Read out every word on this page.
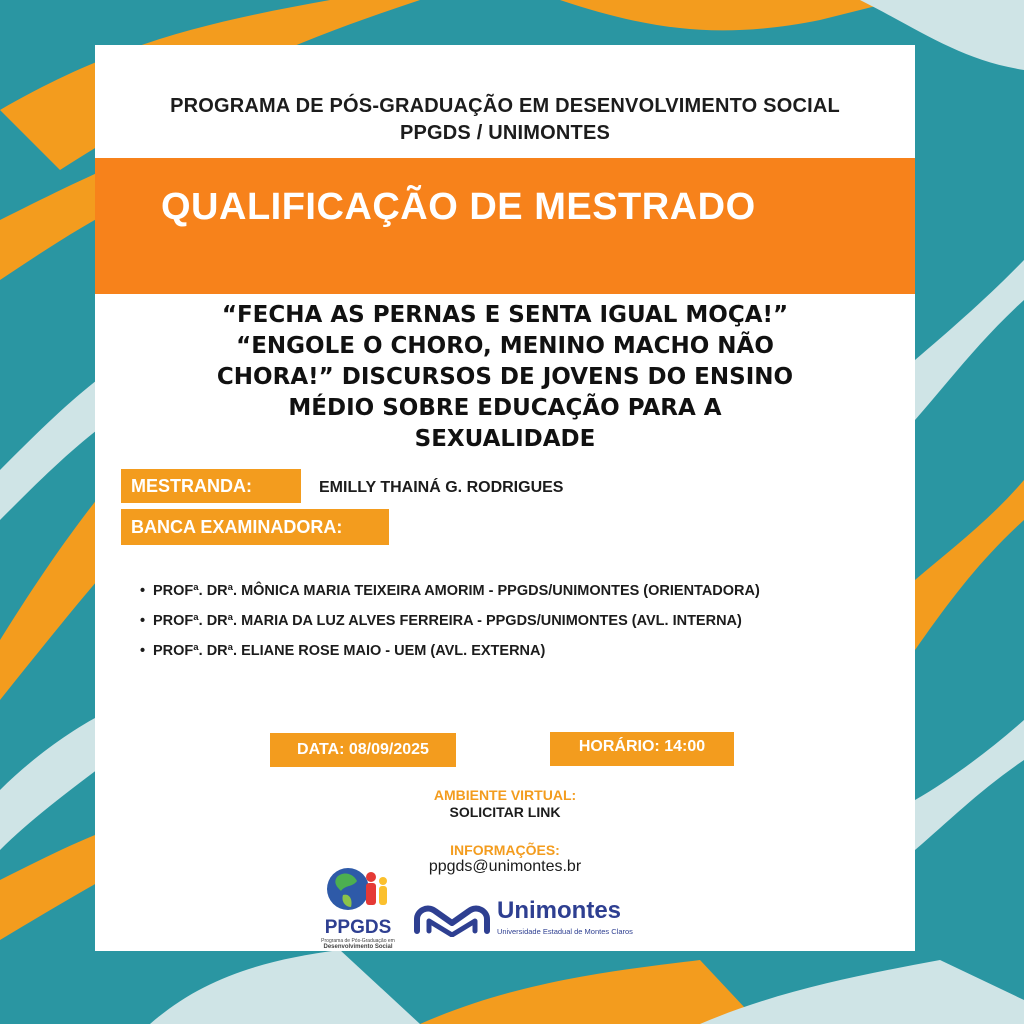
PROGRAMA DE PÓS-GRADUAÇÃO EM DESENVOLVIMENTO SOCIAL
PPGDS / UNIMONTES
“FECHA AS PERNAS E SENTA IGUAL MOÇA!”
“ENGOLE O CHORO, MENINO MACHO NÃO
CHORA!” DISCURSOS DE JOVENS DO ENSINO
MÉDIO SOBRE EDUCAÇÃO PARA A
SEXUALIDADE
MESTRANDA:	EMILLY THAINÁ G. RODRIGUES
BANCA EXAMINADORA:
• PROFª. DRª. MÔNICA MARIA TEIXEIRA AMORIM - PPGDS/UNIMONTES (ORIENTADORA)
• PROFª. DRª. MARIA DA LUZ ALVES FERREIRA - PPGDS/UNIMONTES (AVL. INTERNA)
• PROFª. DRª. ELIANE ROSE MAIO - UEM (AVL. EXTERNA)
DATA: 08/09/2025	HORÁRIO: 14:00
AMBIENTE VIRTUAL:
SOLICITAR LINK
INFORMAÇÕES:
ppgds@unimontes.br
PPGDS
Programa de Pós-Graduação em
Desenvolvimento Social
Unimontes
Universidade Estadual de Montes Claros
QUALIFICAÇÃO DE MESTRADO
